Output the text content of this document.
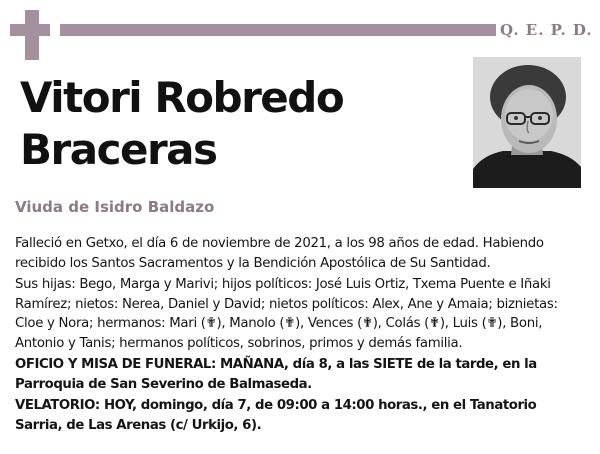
Q. E. P. D.
Vitori Robredo
Braceras
Viuda de Isidro Baldazo

Falleció en Getxo, el día 6 de noviembre de 2021, a los 98 años de edad. Habiendo recibido los Santos Sacramentos y la Bendición Apostólica de Su Santidad.

Sus hijas: Bego, Marga y Marivi; hijos políticos: José Luis Ortiz, Txema Puente e Iñaki Ramírez; nietos: Nerea, Daniel y David; nietos políticos: Alex, Ane y Amaia; biznietas: Cloe y Nora; hermanos: Mari (✟), Manolo (✟), Vences (✟), Colás (✟), Luis (✟), Boni, Antonio y Tanis; hermanos políticos, sobrinos, primos y demás familia.

OFICIO Y MISA DE FUNERAL: MAÑANA, día 8, a las SIETE de la tarde, en la Parroquia de San Severino de Balmaseda.

VELATORIO: HOY, domingo, día 7, de 09:00 a 14:00 horas., en el Tanatorio Sarria, de Las Arenas (c/ Urkijo, 6).
